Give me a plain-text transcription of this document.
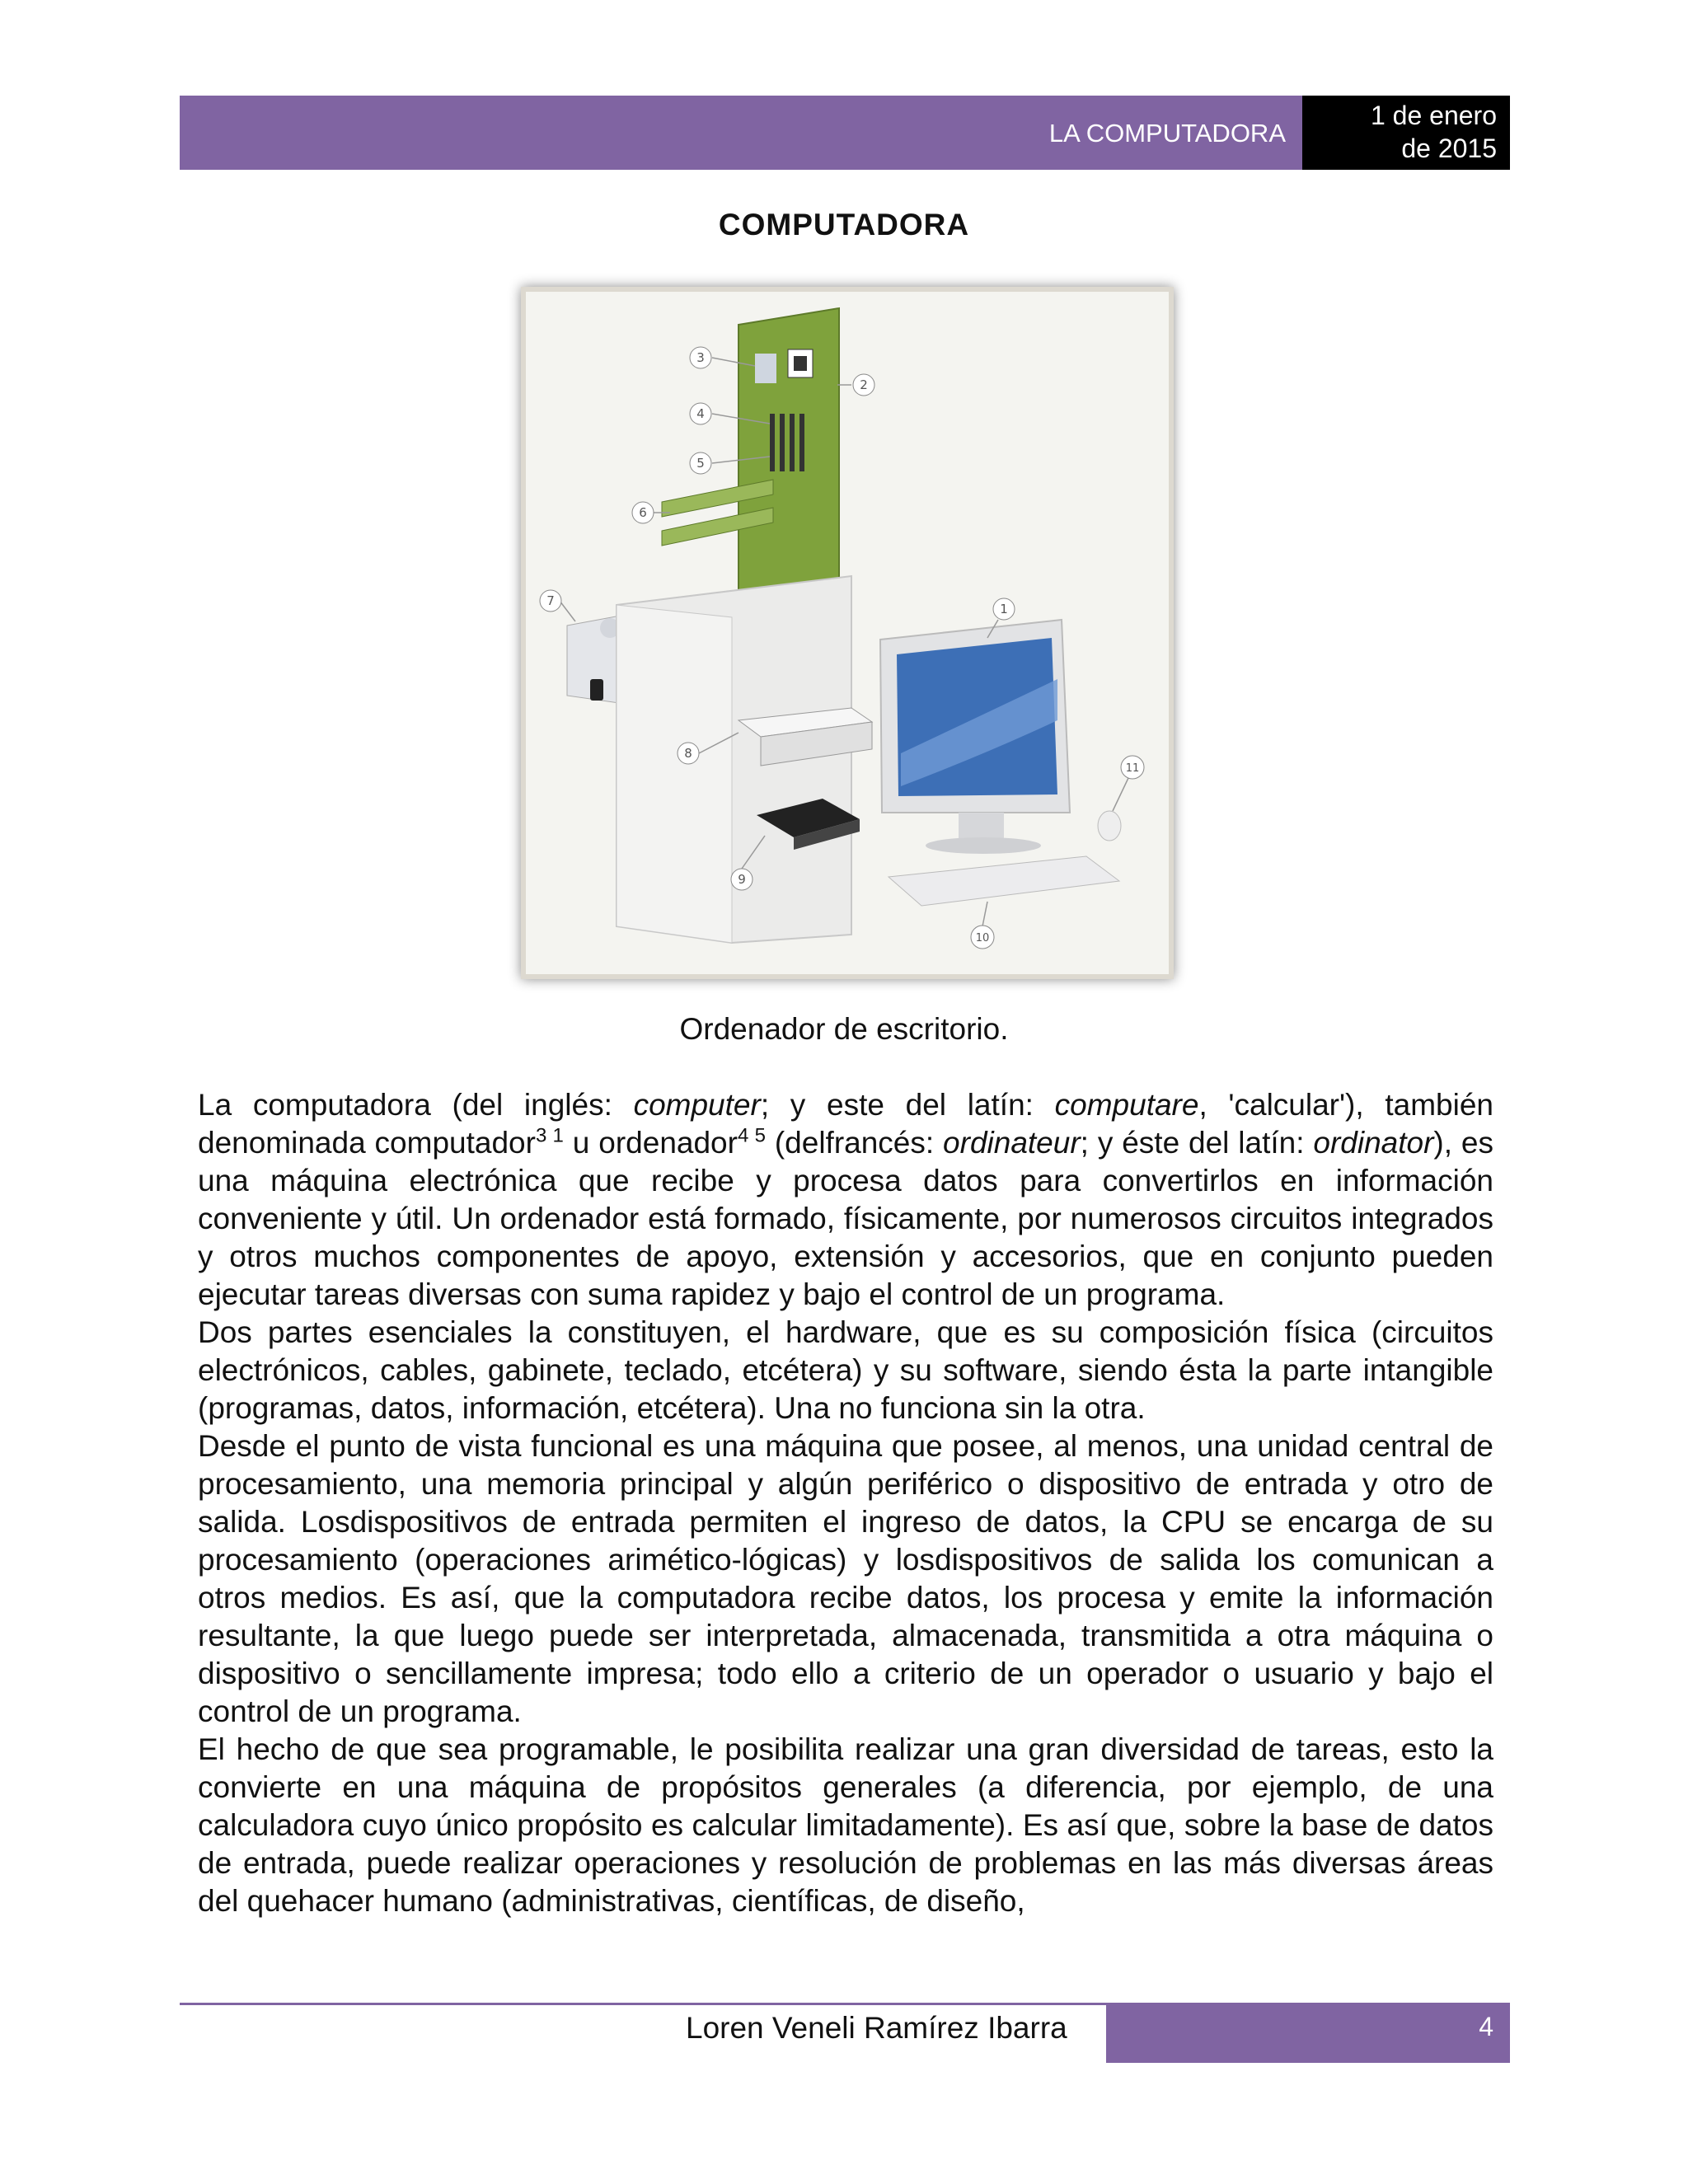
LA COMPUTADORA
1 de enero
de 2015
COMPUTADORA
3
2
4
5
6
7
8
9
1
11
10
Ordenador de escritorio.

La computadora (del inglés: computer; y este del latín: computare, 'calcular'), también denominada computador$^{3 1}$ u ordenador$^{4 5}$ (delfrancés: ordinateur; y éste del latín: ordinator), es una máquina electrónica que recibe y procesa datos para convertirlos en información conveniente y útil. Un ordenador está formado, físicamente, por numerosos circuitos integrados y otros muchos componentes de apoyo, extensión y accesorios, que en conjunto pueden ejecutar tareas diversas con suma rapidez y bajo el control de un programa.

Dos partes esenciales la constituyen, el hardware, que es su composición física (circuitos electrónicos, cables, gabinete, teclado, etcétera) y su software, siendo ésta la parte intangible (programas, datos, información, etcétera). Una no funciona sin la otra.

Desde el punto de vista funcional es una máquina que posee, al menos, una unidad central de procesamiento, una memoria principal y algún periférico o dispositivo de entrada y otro de salida. Losdispositivos de entrada permiten el ingreso de datos, la CPU se encarga de su procesamiento (operaciones arimético-lógicas) y losdispositivos de salida los comunican a otros medios. Es así, que la computadora recibe datos, los procesa y emite la información resultante, la que luego puede ser interpretada, almacenada, transmitida a otra máquina o dispositivo o sencillamente impresa; todo ello a criterio de un operador o usuario y bajo el control de un programa.

El hecho de que sea programable, le posibilita realizar una gran diversidad de tareas, esto la convierte en una máquina de propósitos generales (a diferencia, por ejemplo, de una calculadora cuyo único propósito es calcular limitadamente). Es así que, sobre la base de datos de entrada, puede realizar operaciones y resolución de problemas en las más diversas áreas del quehacer humano (administrativas, científicas, de diseño,

Loren Veneli Ramírez Ibarra	4
